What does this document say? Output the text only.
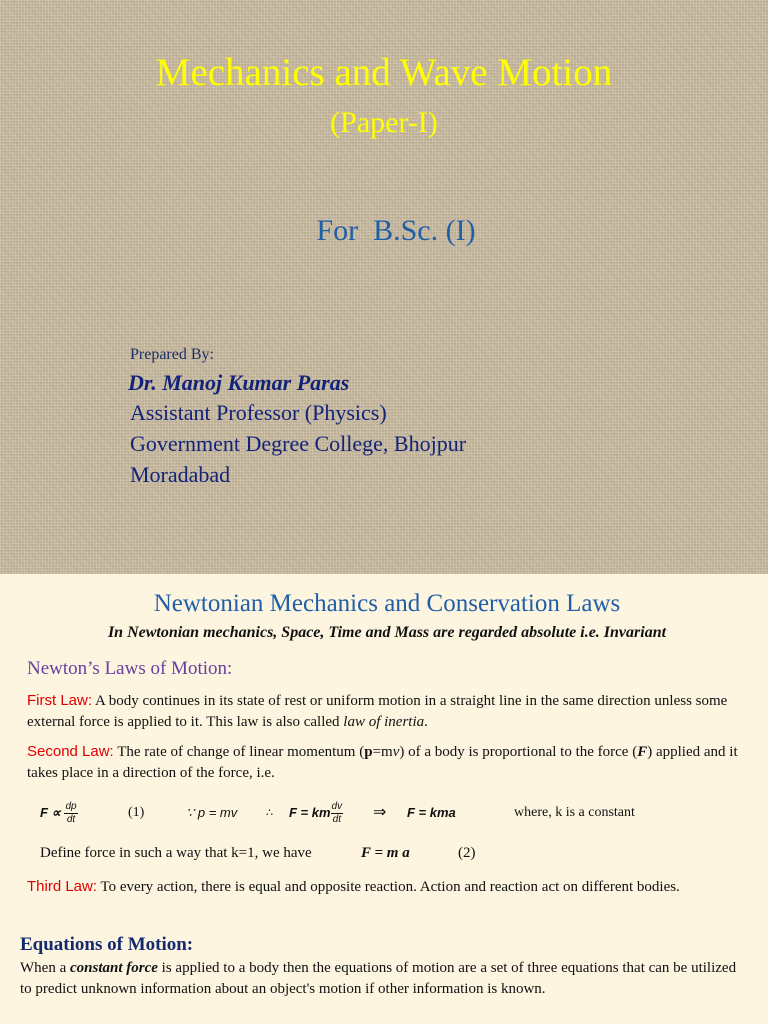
Mechanics and Wave Motion
(Paper-I)
For  B.Sc. (I)
Prepared By:
Dr. Manoj Kumar Paras
Assistant Professor (Physics)
Government Degree College, Bhojpur
Moradabad
Newtonian Mechanics and Conservation Laws
In Newtonian mechanics, Space, Time and Mass are regarded absolute i.e. Invariant
Newton’s Laws of Motion:
First Law: A body continues in its state of rest or uniform motion in a straight line in the same direction unless some external force is applied to it. This law is also called law of inertia.
Second Law: The rate of change of linear momentum (p=mv) of a body is proportional to the force (F) applied and it takes place in a direction of the force, i.e.
$F \propto \frac{dp}{dt}$	(1)	∵ p = mv	∴ F = km $\frac{dv}{dt}$ ⇒ F = kma	where, k is a constant
Define force in such a way that k=1, we have	F = m a	(2)
Third Law: To every action, there is equal and opposite reaction. Action and reaction act on different bodies.
Equations of Motion:
When a constant force is applied to a body then the equations of motion are a set of three equations that can be utilized to predict unknown information about an object's motion if other information is known.
